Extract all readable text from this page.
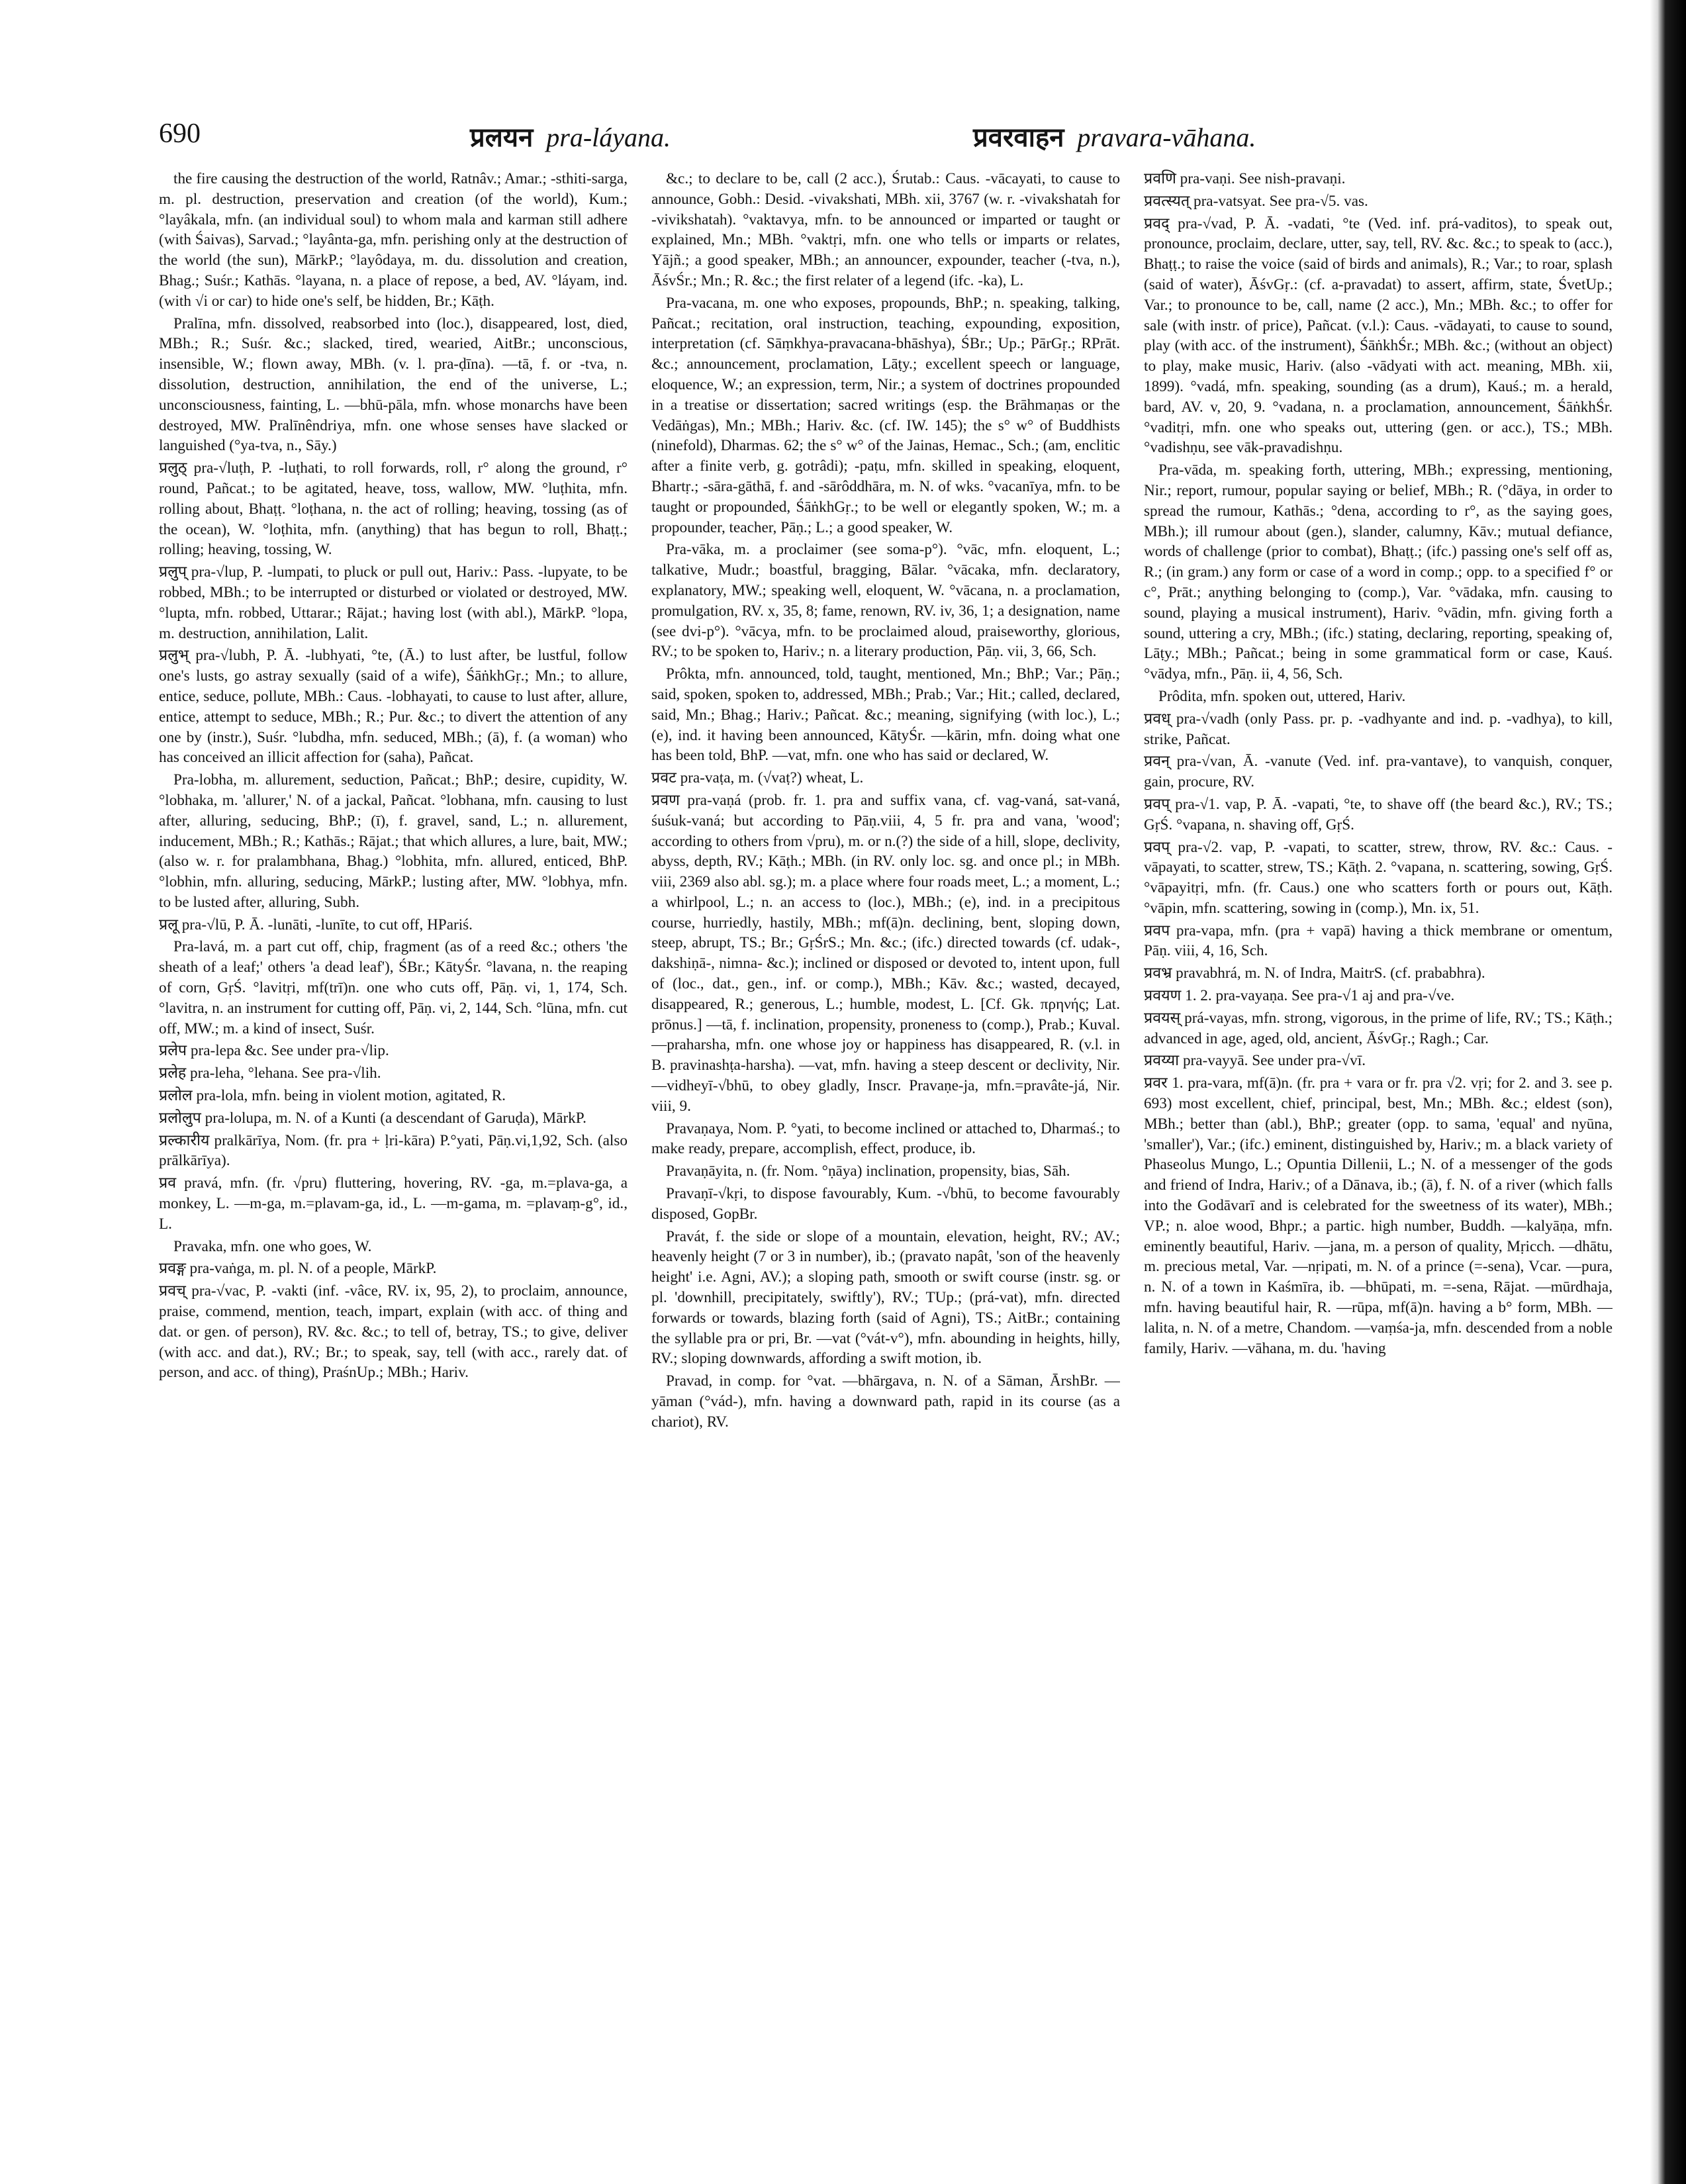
690	प्रलयन pra-láyana.	प्रवरवाहन pravara-vāhana.

the fire causing the destruction of the world, Ratnâv.; Amar.; -sthiti-sarga, m. pl. destruction, preservation and creation (of the world), Kum.; °layâkala, mfn. (an individual soul) to whom mala and karman still adhere (with Śaivas), Sarvad.; °layânta-ga, mfn. perishing only at the destruction of the world (the sun), MārkP.; °layôdaya, m. du. dissolution and creation, Bhag.; Suśr.; Kathās. °layana, n. a place of repose, a bed, AV. °láyam, ind. (with √i or car) to hide one's self, be hidden, Br.; Kāṭh.

Pralīna, mfn. dissolved, reabsorbed into (loc.), disappeared, lost, died, MBh.; R.; Suśr. &c.; slacked, tired, wearied, AitBr.; unconscious, insensible, W.; flown away, MBh. (v. l. pra-ḍīna). —tā, f. or -tva, n. dissolution, destruction, annihilation, the end of the universe, L.; unconsciousness, fainting, L. —bhū-pāla, mfn. whose monarchs have been destroyed, MW. Pralīnêndriya, mfn. one whose senses have slacked or languished (°ya-tva, n., Sāy.)

प्रलुठ् pra-√luṭh, P. -luṭhati, to roll forwards, roll, r° along the ground, r° round, Pañcat.; to be agitated, heave, toss, wallow, MW. °luṭhita, mfn. rolling about, Bhaṭṭ. °loṭhana, n. the act of rolling; heaving, tossing (as of the ocean), W. °loṭhita, mfn. (anything) that has begun to roll, Bhaṭṭ.; rolling; heaving, tossing, W.

प्रलुप् pra-√lup, P. -lumpati, to pluck or pull out, Hariv.: Pass. -lupyate, to be robbed, MBh.; to be interrupted or disturbed or violated or destroyed, MW. °lupta, mfn. robbed, Uttarar.; Rājat.; having lost (with abl.), MārkP. °lopa, m. destruction, annihilation, Lalit.

प्रलुभ् pra-√lubh, P. Ā. -lubhyati, °te, (Ā.) to lust after, be lustful, follow one's lusts, go astray sexually (said of a wife), ŚāṅkhGṛ.; Mn.; to allure, entice, seduce, pollute, MBh.: Caus. -lobhayati, to cause to lust after, allure, entice, attempt to seduce, MBh.; R.; Pur. &c.; to divert the attention of any one by (instr.), Suśr. °lubdha, mfn. seduced, MBh.; (ā), f. (a woman) who has conceived an illicit affection for (saha), Pañcat.

Pra-lobha, m. allurement, seduction, Pañcat.; BhP.; desire, cupidity, W. °lobhaka, m. 'allurer,' N. of a jackal, Pañcat. °lobhana, mfn. causing to lust after, alluring, seducing, BhP.; (ī), f. gravel, sand, L.; n. allurement, inducement, MBh.; R.; Kathās.; Rājat.; that which allures, a lure, bait, MW.; (also w. r. for pralambhana, Bhag.) °lobhita, mfn. allured, enticed, BhP. °lobhin, mfn. alluring, seducing, MārkP.; lusting after, MW. °lobhya, mfn. to be lusted after, alluring, Subh.

प्रलू pra-√lū, P. Ā. -lunāti, -lunīte, to cut off, HPariś.

Pra-lavá, m. a part cut off, chip, fragment (as of a reed &c.; others 'the sheath of a leaf;' others 'a dead leaf'), ŚBr.; KātyŚr. °lavana, n. the reaping of corn, GṛŚ. °lavitṛi, mf(trī)n. one who cuts off, Pāṇ. vi, 1, 174, Sch. °lavitra, n. an instrument for cutting off, Pāṇ. vi, 2, 144, Sch. °lūna, mfn. cut off, MW.; m. a kind of insect, Suśr.

प्रलेप pra-lepa &c. See under pra-√lip.

प्रलेह pra-leha, °lehana. See pra-√lih.

प्रलोल pra-lola, mfn. being in violent motion, agitated, R.

प्रलोलुप pra-lolupa, m. N. of a Kunti (a descendant of Garuḍa), MārkP.

प्रल्कारीय pralkārīya, Nom. (fr. pra + ḷri-kāra) P.°yati, Pāṇ.vi,1,92, Sch. (also prālkārīya).

प्रव pravá, mfn. (fr. √pru) fluttering, hovering, RV. -ga, m.=plava-ga, a monkey, L. —m-ga, m.=plavam-ga, id., L. —m-gama, m. =plavaṃ-g°, id., L.

Pravaka, mfn. one who goes, W.

प्रवङ्ग pra-vaṅga, m. pl. N. of a people, MārkP.

प्रवच् pra-√vac, P. -vakti (inf. -vâce, RV. ix, 95, 2), to proclaim, announce, praise, commend, mention, teach, impart, explain (with acc. of thing and dat. or gen. of person), RV. &c. &c.; to tell of, betray, TS.; to give, deliver (with acc. and dat.), RV.; Br.; to speak, say, tell (with acc., rarely dat. of person, and acc. of thing), PraśnUp.; MBh.; Hariv.

&c.; to declare to be, call (2 acc.), Śrutab.: Caus. -vācayati, to cause to announce, Gobh.: Desid. -vivakshati, MBh. xii, 3767 (w. r. -vivakshatah for -vivikshatah). °vaktavya, mfn. to be announced or imparted or taught or explained, Mn.; MBh. °vaktṛi, mfn. one who tells or imparts or relates, Yājñ.; a good speaker, MBh.; an announcer, expounder, teacher (-tva, n.), ĀśvŚr.; Mn.; R. &c.; the first relater of a legend (ifc. -ka), L.

Pra-vacana, m. one who exposes, propounds, BhP.; n. speaking, talking, Pañcat.; recitation, oral instruction, teaching, expounding, exposition, interpretation (cf. Sāṃkhya-pravacana-bhāshya), ŚBr.; Up.; PārGṛ.; RPrāt. &c.; announcement, proclamation, Lāṭy.; excellent speech or language, eloquence, W.; an expression, term, Nir.; a system of doctrines propounded in a treatise or dissertation; sacred writings (esp. the Brāhmaṇas or the Vedāṅgas), Mn.; MBh.; Hariv. &c. (cf. IW. 145); the s° w° of Buddhists (ninefold), Dharmas. 62; the s° w° of the Jainas, Hemac., Sch.; (am, enclitic after a finite verb, g. gotrâdi); -paṭu, mfn. skilled in speaking, eloquent, Bhartṛ.; -sāra-gāthā, f. and -sārôddhāra, m. N. of wks. °vacanīya, mfn. to be taught or propounded, ŚāṅkhGṛ.; to be well or elegantly spoken, W.; m. a propounder, teacher, Pāṇ.; L.; a good speaker, W.

Pra-vāka, m. a proclaimer (see soma-p°). °vāc, mfn. eloquent, L.; talkative, Mudr.; boastful, bragging, Bālar. °vācaka, mfn. declaratory, explanatory, MW.; speaking well, eloquent, W. °vācana, n. a proclamation, promulgation, RV. x, 35, 8; fame, renown, RV. iv, 36, 1; a designation, name (see dvi-p°). °vācya, mfn. to be proclaimed aloud, praiseworthy, glorious, RV.; to be spoken to, Hariv.; n. a literary production, Pāṇ. vii, 3, 66, Sch.

Prôkta, mfn. announced, told, taught, mentioned, Mn.; BhP.; Var.; Pāṇ.; said, spoken, spoken to, addressed, MBh.; Prab.; Var.; Hit.; called, declared, said, Mn.; Bhag.; Hariv.; Pañcat. &c.; meaning, signifying (with loc.), L.; (e), ind. it having been announced, KātyŚr. —kārin, mfn. doing what one has been told, BhP. —vat, mfn. one who has said or declared, W.

प्रवट pra-vaṭa, m. (√vaṭ?) wheat, L.

प्रवण pra-vaṇá (prob. fr. 1. pra and suffix vana, cf. vag-vaná, sat-vaná, śuśuk-vaná; but according to Pāṇ.viii, 4, 5 fr. pra and vana, 'wood'; according to others from √pru), m. or n.(?) the side of a hill, slope, declivity, abyss, depth, RV.; Kāṭh.; MBh. (in RV. only loc. sg. and once pl.; in MBh. viii, 2369 also abl. sg.); m. a place where four roads meet, L.; a moment, L.; a whirlpool, L.; n. an access to (loc.), MBh.; (e), ind. in a precipitous course, hurriedly, hastily, MBh.; mf(ā)n. declining, bent, sloping down, steep, abrupt, TS.; Br.; GṛŚrS.; Mn. &c.; (ifc.) directed towards (cf. udak-, dakshiṇā-, nimna- &c.); inclined or disposed or devoted to, intent upon, full of (loc., dat., gen., inf. or comp.), MBh.; Kāv. &c.; wasted, decayed, disappeared, R.; generous, L.; humble, modest, L. [Cf. Gk. πρηνής; Lat. prōnus.] —tā, f. inclination, propensity, proneness to (comp.), Prab.; Kuval. —praharsha, mfn. one whose joy or happiness has disappeared, R. (v.l. in B. pravinashṭa-harsha). —vat, mfn. having a steep descent or declivity, Nir. —vidheyī-√bhū, to obey gladly, Inscr. Pravaṇe-ja, mfn.=pravâte-já, Nir. viii, 9.

Pravaṇaya, Nom. P. °yati, to become inclined or attached to, Dharmaś.; to make ready, prepare, accomplish, effect, produce, ib.

Pravaṇāyita, n. (fr. Nom. °ṇāya) inclination, propensity, bias, Sāh.

Pravaṇī-√kṛi, to dispose favourably, Kum. -√bhū, to become favourably disposed, GopBr.

Pravát, f. the side or slope of a mountain, elevation, height, RV.; AV.; heavenly height (7 or 3 in number), ib.; (pravato napât, 'son of the heavenly height' i.e. Agni, AV.); a sloping path, smooth or swift course (instr. sg. or pl. 'downhill, precipitately, swiftly'), RV.; TUp.; (prá-vat), mfn. directed forwards or towards, blazing forth (said of Agni), TS.; AitBr.; containing the syllable pra or pri, Br. —vat (°vát-v°), mfn. abounding in heights, hilly, RV.; sloping downwards, affording a swift motion, ib.

Pravad, in comp. for °vat. —bhārgava, n. N. of a Sāman, ĀrshBr. —yāman (°vád-), mfn. having a downward path, rapid in its course (as a chariot), RV.

प्रवणि pra-vaṇi. See nish-pravaṇi.

प्रवत्स्यत् pra-vatsyat. See pra-√5. vas.

प्रवद् pra-√vad, P. Ā. -vadati, °te (Ved. inf. prá-vaditos), to speak out, pronounce, proclaim, declare, utter, say, tell, RV. &c. &c.; to speak to (acc.), Bhaṭṭ.; to raise the voice (said of birds and animals), R.; Var.; to roar, splash (said of water), ĀśvGṛ.: (cf. a-pravadat) to assert, affirm, state, ŚvetUp.; Var.; to pronounce to be, call, name (2 acc.), Mn.; MBh. &c.; to offer for sale (with instr. of price), Pañcat. (v.l.): Caus. -vādayati, to cause to sound, play (with acc. of the instrument), ŚāṅkhŚr.; MBh. &c.; (without an object) to play, make music, Hariv. (also -vādyati with act. meaning, MBh. xii, 1899). °vadá, mfn. speaking, sounding (as a drum), Kauś.; m. a herald, bard, AV. v, 20, 9. °vadana, n. a proclamation, announcement, ŚāṅkhŚr. °vaditṛi, mfn. one who speaks out, uttering (gen. or acc.), TS.; MBh. °vadishṇu, see vāk-pravadishṇu.

Pra-vāda, m. speaking forth, uttering, MBh.; expressing, mentioning, Nir.; report, rumour, popular saying or belief, MBh.; R. (°dāya, in order to spread the rumour, Kathās.; °dena, according to r°, as the saying goes, MBh.); ill rumour about (gen.), slander, calumny, Kāv.; mutual defiance, words of challenge (prior to combat), Bhaṭṭ.; (ifc.) passing one's self off as, R.; (in gram.) any form or case of a word in comp.; opp. to a specified f° or c°, Prāt.; anything belonging to (comp.), Var. °vādaka, mfn. causing to sound, playing a musical instrument), Hariv. °vādin, mfn. giving forth a sound, uttering a cry, MBh.; (ifc.) stating, declaring, reporting, speaking of, Lāṭy.; MBh.; Pañcat.; being in some grammatical form or case, Kauś. °vādya, mfn., Pāṇ. ii, 4, 56, Sch.

Prôdita, mfn. spoken out, uttered, Hariv.

प्रवध् pra-√vadh (only Pass. pr. p. -vadhyante and ind. p. -vadhya), to kill, strike, Pañcat.

प्रवन् pra-√van, Ā. -vanute (Ved. inf. pra-vantave), to vanquish, conquer, gain, procure, RV.

प्रवप् pra-√1. vap, P. Ā. -vapati, °te, to shave off (the beard &c.), RV.; TS.; GṛŚ. °vapana, n. shaving off, GṛŚ.

प्रवप् pra-√2. vap, P. -vapati, to scatter, strew, throw, RV. &c.: Caus. -vāpayati, to scatter, strew, TS.; Kāṭh. 2. °vapana, n. scattering, sowing, GṛŚ. °vāpayitṛi, mfn. (fr. Caus.) one who scatters forth or pours out, Kāṭh. °vāpin, mfn. scattering, sowing in (comp.), Mn. ix, 51.

प्रवप pra-vapa, mfn. (pra + vapā) having a thick membrane or omentum, Pāṇ. viii, 4, 16, Sch.

प्रवभ्र pravabhrá, m. N. of Indra, MaitrS. (cf. prababhra).

प्रवयण 1. 2. pra-vayaṇa. See pra-√1 aj and pra-√ve.

प्रवयस् prá-vayas, mfn. strong, vigorous, in the prime of life, RV.; TS.; Kāṭh.; advanced in age, aged, old, ancient, ĀśvGṛ.; Ragh.; Car.

प्रवय्या pra-vayyā. See under pra-√vī.

प्रवर 1. pra-vara, mf(ā)n. (fr. pra + vara or fr. pra √2. vṛi; for 2. and 3. see p. 693) most excellent, chief, principal, best, Mn.; MBh. &c.; eldest (son), MBh.; better than (abl.), BhP.; greater (opp. to sama, 'equal' and nyūna, 'smaller'), Var.; (ifc.) eminent, distinguished by, Hariv.; m. a black variety of Phaseolus Mungo, L.; Opuntia Dillenii, L.; N. of a messenger of the gods and friend of Indra, Hariv.; of a Dānava, ib.; (ā), f. N. of a river (which falls into the Godāvarī and is celebrated for the sweetness of its water), MBh.; VP.; n. aloe wood, Bhpr.; a partic. high number, Buddh. —kalyāṇa, mfn. eminently beautiful, Hariv. —jana, m. a person of quality, Mṛicch. —dhātu, m. precious metal, Var. —nṛipati, m. N. of a prince (=-sena), Vcar. —pura, n. N. of a town in Kaśmīra, ib. —bhūpati, m. =-sena, Rājat. —mūrdhaja, mfn. having beautiful hair, R. —rūpa, mf(ā)n. having a b° form, MBh. —lalita, n. N. of a metre, Chandom. —vaṃśa-ja, mfn. descended from a noble family, Hariv. —vāhana, m. du. 'having
